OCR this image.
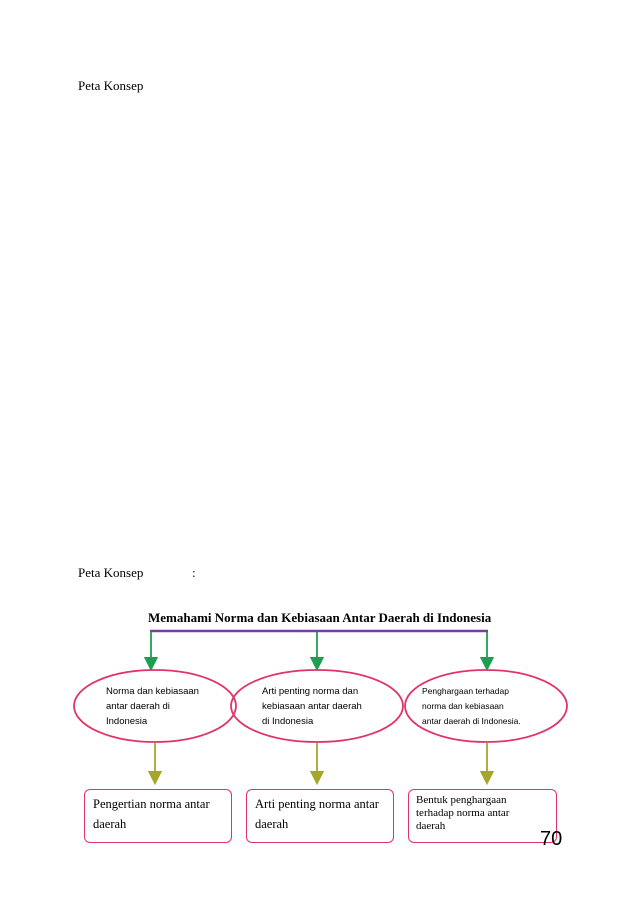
Peta Konsep
Peta Konsep	:
Memahami Norma dan Kebiasaan Antar Daerah di Indonesia
Norma dan kebiasaan
antar daerah di
Indonesia
Arti penting norma dan
kebiasaan antar daerah
di Indonesia
Penghargaan terhadap
norma dan kebiasaan
antar daerah di Indonesia.
Pengertian norma antar
daerah
Arti penting norma antar
daerah
Bentuk penghargaan
terhadap norma antar
daerah
70
